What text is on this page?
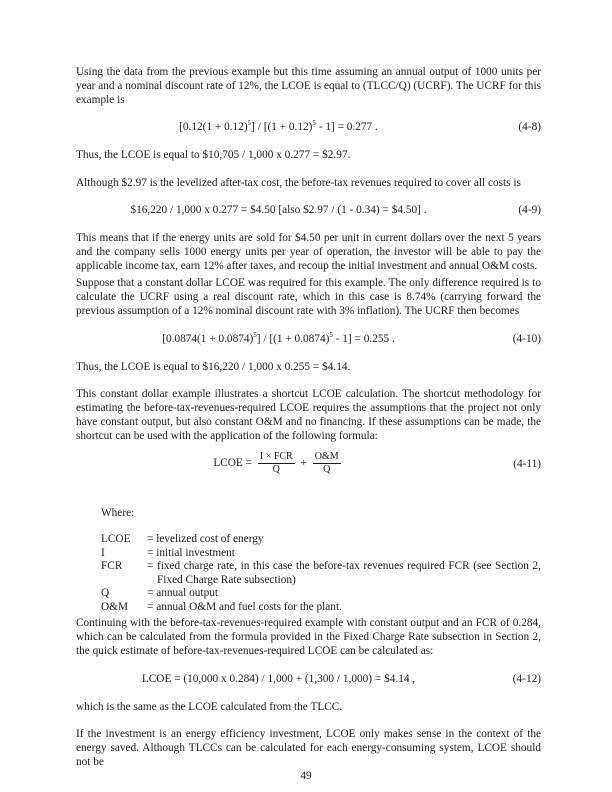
Using the data from the previous example but this time assuming an annual output of 1000 units per year and a nominal discount rate of 12%, the LCOE is equal to (TLCC/Q) (UCRF). The UCRF for this example is
$[0.12(1 + 0.12)^5] / [(1 + 0.12)^5 - 1] = 0.277$ .	(4-8)
Thus, the LCOE is equal to $10,705 / 1,000 x 0.277 = $2.97.
Although $2.97 is the levelized after-tax cost, the before-tax revenues required to cover all costs is
$16,220 / 1,000 x 0.277 = $4.50 [also $2.97 / (1 - 0.34) = $4.50] .	(4-9)
This means that if the energy units are sold for $4.50 per unit in current dollars over the next 5 years and the company sells 1000 energy units per year of operation, the investor will be able to pay the applicable income tax, earn 12% after taxes, and recoup the initial investment and annual O&M costs.
Suppose that a constant dollar LCOE was required for this example. The only difference required is to calculate the UCRF using a real discount rate, which in this case is 8.74% (carrying forward the previous assumption of a 12% nominal discount rate with 3% inflation). The UCRF then becomes
$[0.0874(1 + 0.0874)^5] / [(1 + 0.0874)^5 - 1] = 0.255$ .	(4-10)
Thus, the LCOE is equal to $16,220 / 1,000 x 0.255 = $4.14.
This constant dollar example illustrates a shortcut LCOE calculation. The shortcut methodology for estimating the before-tax-revenues-required LCOE requires the assumptions that the project not only have constant output, but also constant O&M and no financing. If these assumptions can be made, the shortcut can be used with the application of the following formula:
LCOE = $\frac{\text{I × FCR}}{Q} + \frac{O\&M}{Q}$	(4-11)
Where:
LCOE	= levelized cost of energy
I	= initial investment
FCR	= fixed charge rate, in this case the before-tax revenues required FCR (see Section 2, Fixed Charge Rate subsection)
Q	= annual output
O&M	= annual O&M and fuel costs for the plant.
Continuing with the before-tax-revenues-required example with constant output and an FCR of 0.284, which can be calculated from the formula provided in the Fixed Charge Rate subsection in Section 2, the quick estimate of before-tax-revenues-required LCOE can be calculated as:
LCOE = (10,000 x 0.284) / 1,000 + (1,300 / 1,000) = $4.14 ,	(4-12)
which is the same as the LCOE calculated from the TLCC.
If the investment is an energy efficiency investment, LCOE only makes sense in the context of the energy saved. Although TLCCs can be calculated for each energy-consuming system, LCOE should not be
49
